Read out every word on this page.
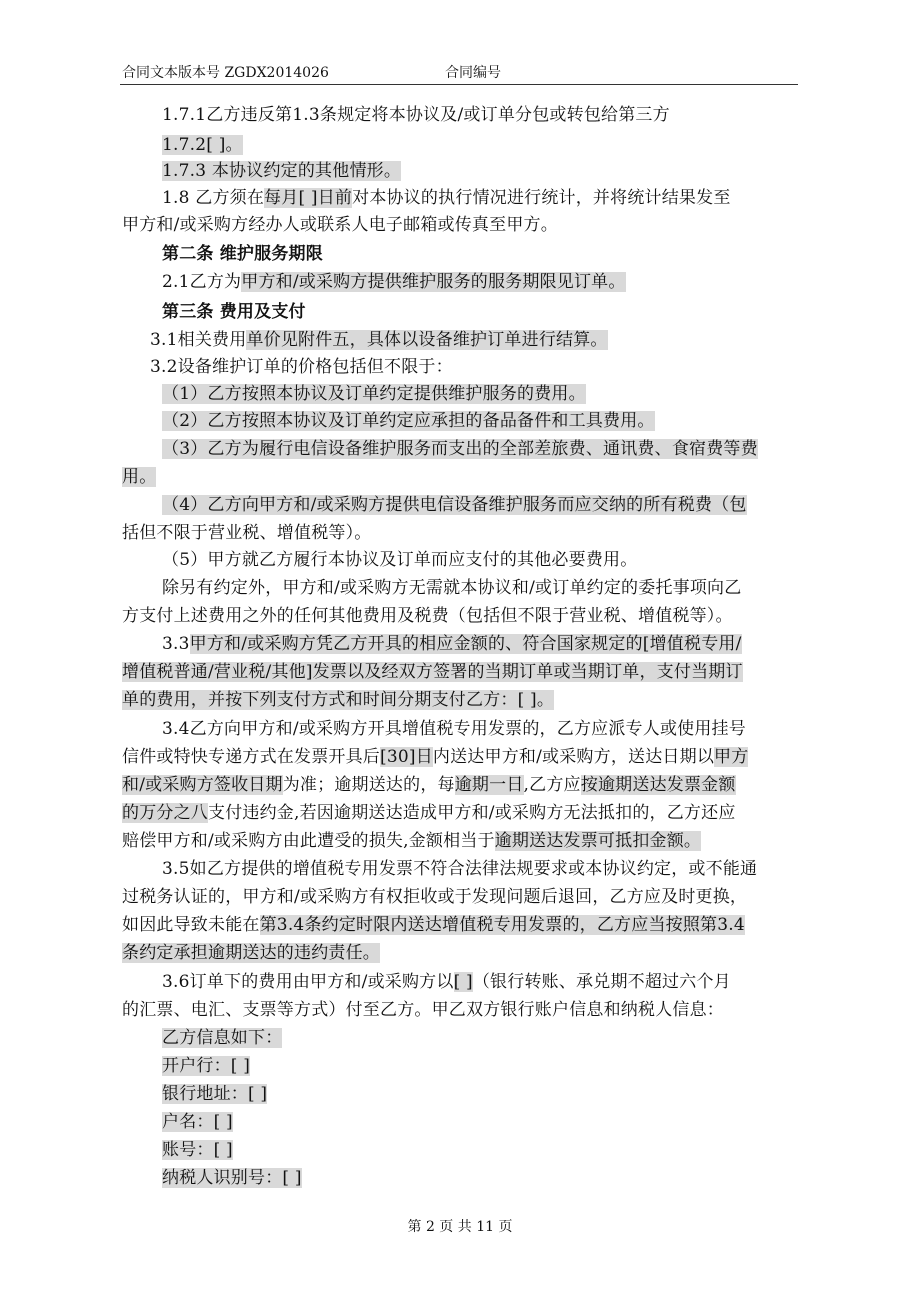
合同文本版本号 ZGDX2014026	合同编号
1.7.1乙方违反第1.3条规定将本协议及/或订单分包或转包给第三方
1.7.2[ ]。
1.7.3 本协议约定的其他情形。
1.8 乙方须在每月[ ]日前对本协议的执行情况进行统计，并将统计结果发至
甲方和/或采购方经办人或联系人电子邮箱或传真至甲方。
第二条 维护服务期限
2.1乙方为甲方和/或采购方提供维护服务的服务期限见订单。
第三条 费用及支付
3.1相关费用单价见附件五，具体以设备维护订单进行结算。
3.2设备维护订单的价格包括但不限于：
（1）乙方按照本协议及订单约定提供维护服务的费用。
（2）乙方按照本协议及订单约定应承担的备品备件和工具费用。
（3）乙方为履行电信设备维护服务而支出的全部差旅费、通讯费、食宿费等费
用。
（4）乙方向甲方和/或采购方提供电信设备维护服务而应交纳的所有税费（包
括但不限于营业税、增值税等）。
（5）甲方就乙方履行本协议及订单而应支付的其他必要费用。
除另有约定外，甲方和/或采购方无需就本协议和/或订单约定的委托事项向乙
方支付上述费用之外的任何其他费用及税费（包括但不限于营业税、增值税等）。
3.3甲方和/或采购方凭乙方开具的相应金额的、符合国家规定的[增值税专用/
增值税普通/营业税/其他]发票以及经双方签署的当期订单或当期订单，支付当期订
单的费用，并按下列支付方式和时间分期支付乙方：[ ]。
3.4乙方向甲方和/或采购方开具增值税专用发票的，乙方应派专人或使用挂号
信件或特快专递方式在发票开具后[30]日内送达甲方和/或采购方，送达日期以甲方
和/或采购方签收日期为准；逾期送达的，每逾期一日,乙方应按逾期送达发票金额
的万分之八支付违约金,若因逾期送达造成甲方和/或采购方无法抵扣的，乙方还应
赔偿甲方和/或采购方由此遭受的损失,金额相当于逾期送达发票可抵扣金额。
3.5如乙方提供的增值税专用发票不符合法律法规要求或本协议约定，或不能通
过税务认证的，甲方和/或采购方有权拒收或于发现问题后退回，乙方应及时更换，
如因此导致未能在第3.4条约定时限内送达增值税专用发票的，乙方应当按照第3.4
条约定承担逾期送达的违约责任。
3.6订单下的费用由甲方和/或采购方以[ ]（银行转账、承兑期不超过六个月
的汇票、电汇、支票等方式）付至乙方。甲乙双方银行账户信息和纳税人信息：
乙方信息如下：
开户行：[ ]
银行地址：[ ]
户名：[ ]
账号：[ ]
纳税人识别号：[ ]
第 2 页 共 11 页
